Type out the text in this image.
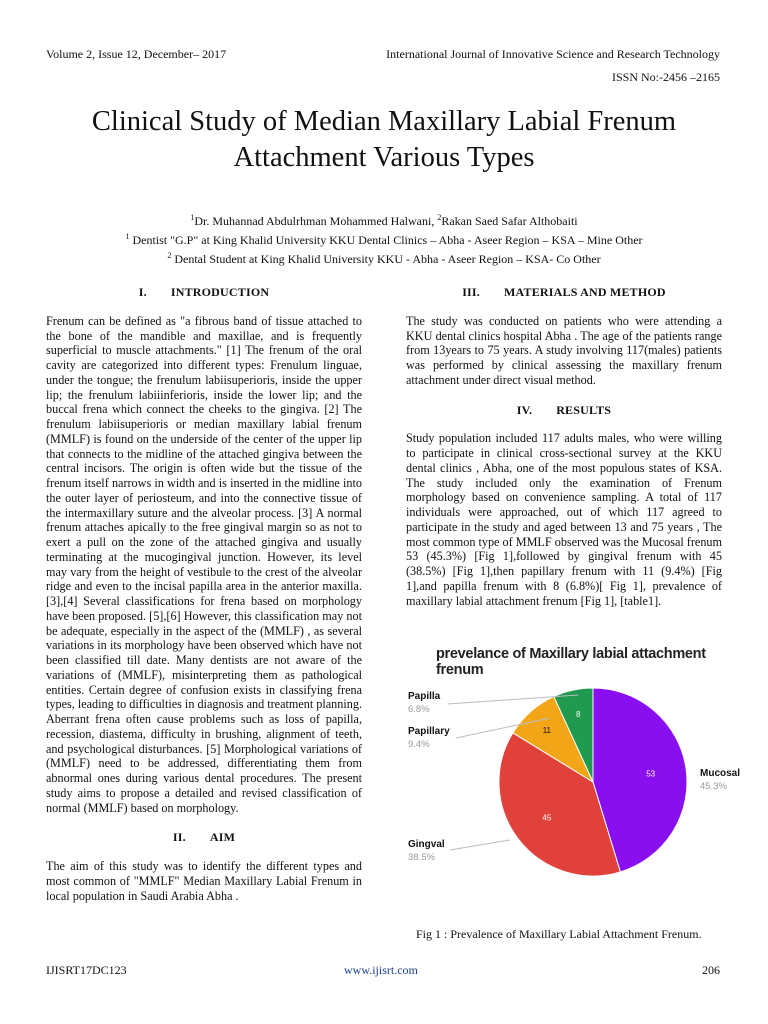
Volume 2, Issue 12, December– 2017	International Journal of Innovative Science and Research Technology
ISSN No:-2456 –2165
Clinical Study of Median Maxillary Labial Frenum
Attachment Various Types
$^1$Dr. Muhannad Abdulrhman Mohammed Halwani, $^2$Rakan Saed Safar Althobaiti
$^1$ Dentist "G.P" at King Khalid University KKU Dental Clinics – Abha - Aseer Region – KSA – Mine Other
$^2$ Dental Student at King Khalid University KKU - Abha - Aseer Region – KSA- Co Other
I. INTRODUCTION

Frenum can be defined as "a fibrous band of tissue attached to the bone of the mandible and maxillae, and is frequently superficial to muscle attachments." [1] The frenum of the oral cavity are categorized into different types: Frenulum linguae, under the tongue; the frenulum labiisuperioris, inside the upper lip; the frenulum labiiinferioris, inside the lower lip; and the buccal frena which connect the cheeks to the gingiva. [2] The frenulum labiisuperioris or median maxillary labial frenum (MMLF) is found on the underside of the center of the upper lip that connects to the midline of the attached gingiva between the central incisors. The origin is often wide but the tissue of the frenum itself narrows in width and is inserted in the midline into the outer layer of periosteum, and into the connective tissue of the intermaxillary suture and the alveolar process. [3] A normal frenum attaches apically to the free gingival margin so as not to exert a pull on the zone of the attached gingiva and usually terminating at the mucogingival junction. However, its level may vary from the height of vestibule to the crest of the alveolar ridge and even to the incisal papilla area in the anterior maxilla. [3],[4] Several classifications for frena based on morphology have been proposed. [5],[6] However, this classification may not be adequate, especially in the aspect of the (MMLF) , as several variations in its morphology have been observed which have not been classified till date. Many dentists are not aware of the variations of (MMLF), misinterpreting them as pathological entities. Certain degree of confusion exists in classifying frena types, leading to difficulties in diagnosis and treatment planning. Aberrant frena often cause problems such as loss of papilla, recession, diastema, difficulty in brushing, alignment of teeth, and psychological disturbances. [5] Morphological variations of (MMLF) need to be addressed, differentiating them from abnormal ones during various dental procedures. The present study aims to propose a detailed and revised classification of normal (MMLF) based on morphology.

II. AIM

The aim of this study was to identify the different types and most common of "MMLF" Median Maxillary Labial Frenum in local population in Saudi Arabia Abha .

III. MATERIALS AND METHOD

The study was conducted on patients who were attending a KKU dental clinics hospital Abha . The age of the patients range from 13years to 75 years. A study involving 117(males) patients was performed by clinical assessing the maxillary frenum attachment under direct visual method.

IV. RESULTS

Study population included 117 adults males, who were willing to participate in clinical cross-sectional survey at the KKU dental clinics , Abha, one of the most populous states of KSA. The study included only the examination of Frenum morphology based on convenience sampling. A total of 117 individuals were approached, out of which 117 agreed to participate in the study and aged between 13 and 75 years , The most common type of MMLF observed was the Mucosal frenum 53 (45.3%) [Fig 1],followed by gingival frenum with 45 (38.5%) [Fig 1],then papillary frenum with 11 (9.4%) [Fig 1],and papilla frenum with 8 (6.8%)[ Fig 1], prevalence of maxillary labial attachment frenum [Fig 1], [table1].

prevelance of Maxillary labial attachment frenum
53
45
11
8
Mucosal
45.3%
Gingval
38.5%
Papillary
9.4%
Papilla
6.8%
Fig 1 : Prevalence of Maxillary Labial Attachment Frenum.
IJISRT17DC123	www.ijisrt.com	206
